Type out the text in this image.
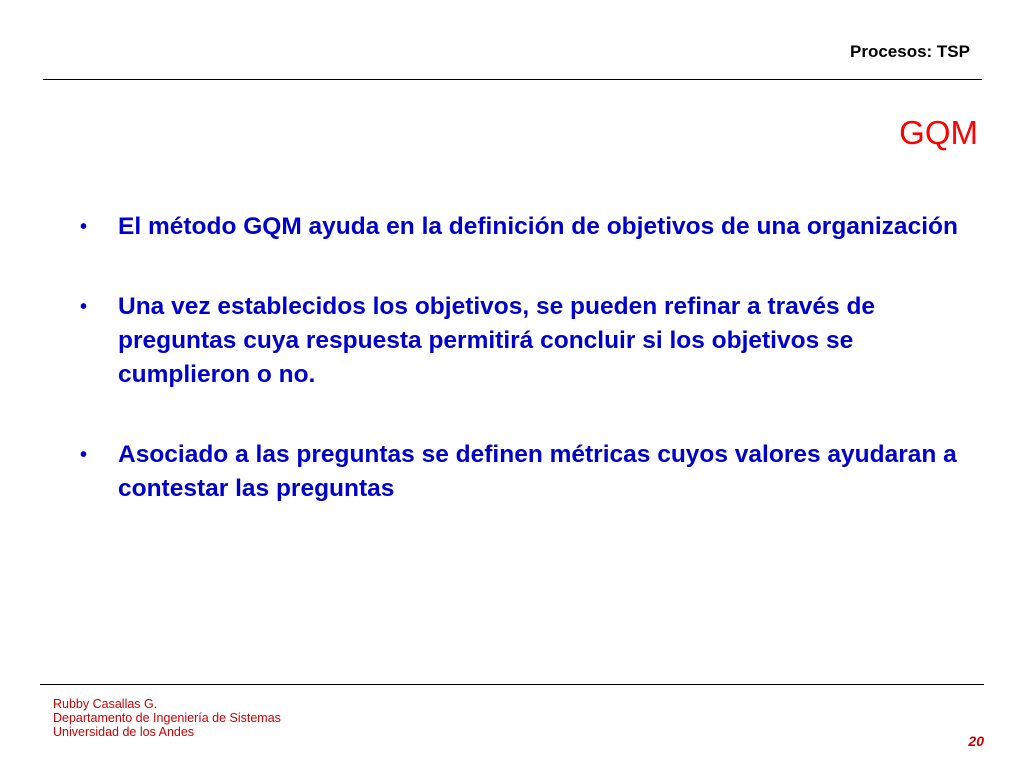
Procesos: TSP
GQM
• El método GQM ayuda en la definición de objetivos de una organización
• Una vez establecidos los objetivos, se pueden refinar a través de preguntas cuya respuesta permitirá concluir si los objetivos se cumplieron o no.
• Asociado a las preguntas se definen métricas cuyos valores ayudaran a contestar las preguntas
Rubby Casallas G.
Departamento de Ingeniería de Sistemas
Universidad de los Andes
20
